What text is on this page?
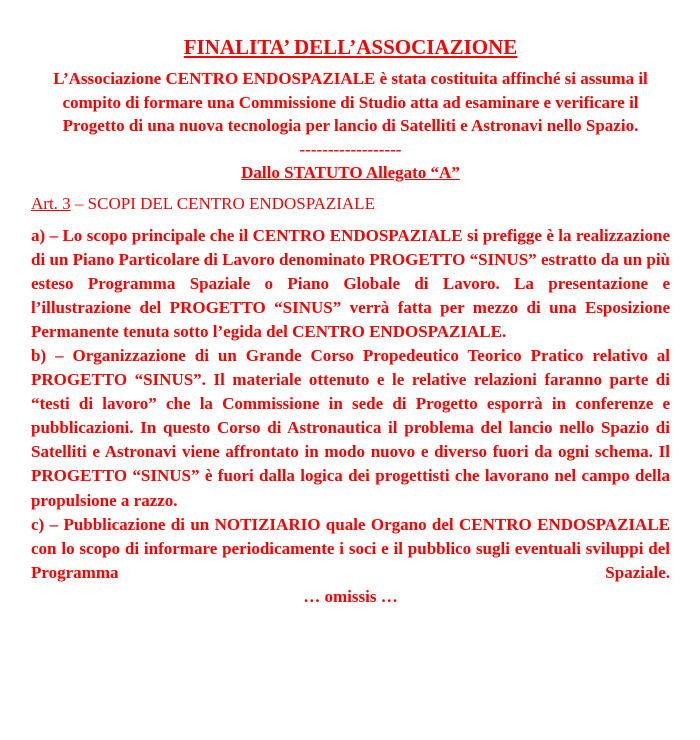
FINALITA’ DELL’ASSOCIAZIONE

L’Associazione CENTRO ENDOSPAZIALE è stata costituita affinché si assuma il compito di formare una Commissione di Studio atta ad esaminare e verificare il Progetto di una nuova tecnologia per lancio di Satelliti e Astronavi nello Spazio.

------------------
Dallo STATUTO Allegato “A”
Art. 3 – SCOPI DEL CENTRO ENDOSPAZIALE

a) – Lo scopo principale che il CENTRO ENDOSPAZIALE si prefigge è la realizzazione di un Piano Particolare di Lavoro denominato PROGETTO “SINUS” estratto da un più esteso Programma Spaziale o Piano Globale di Lavoro. La presentazione e l’illustrazione del PROGETTO “SINUS” verrà fatta per mezzo di una Esposizione Permanente tenuta sotto l’egida del CENTRO ENDOSPAZIALE.

b) – Organizzazione di un Grande Corso Propedeutico Teorico Pratico relativo al PROGETTO “SINUS”. Il materiale ottenuto e le relative relazioni faranno parte di “testi di lavoro” che la Commissione in sede di Progetto esporrà in conferenze e pubblicazioni. In questo Corso di Astronautica il problema del lancio nello Spazio di Satelliti e Astronavi viene affrontato in modo nuovo e diverso fuori da ogni schema. Il PROGETTO “SINUS” è fuori dalla logica dei progettisti che lavorano nel campo della propulsione a razzo.

c) – Pubblicazione di un NOTIZIARIO quale Organo del CENTRO ENDOSPAZIALE con lo scopo di informare periodicamente i soci e il pubblico sugli eventuali sviluppi del Programma Spaziale.

… omissis …
